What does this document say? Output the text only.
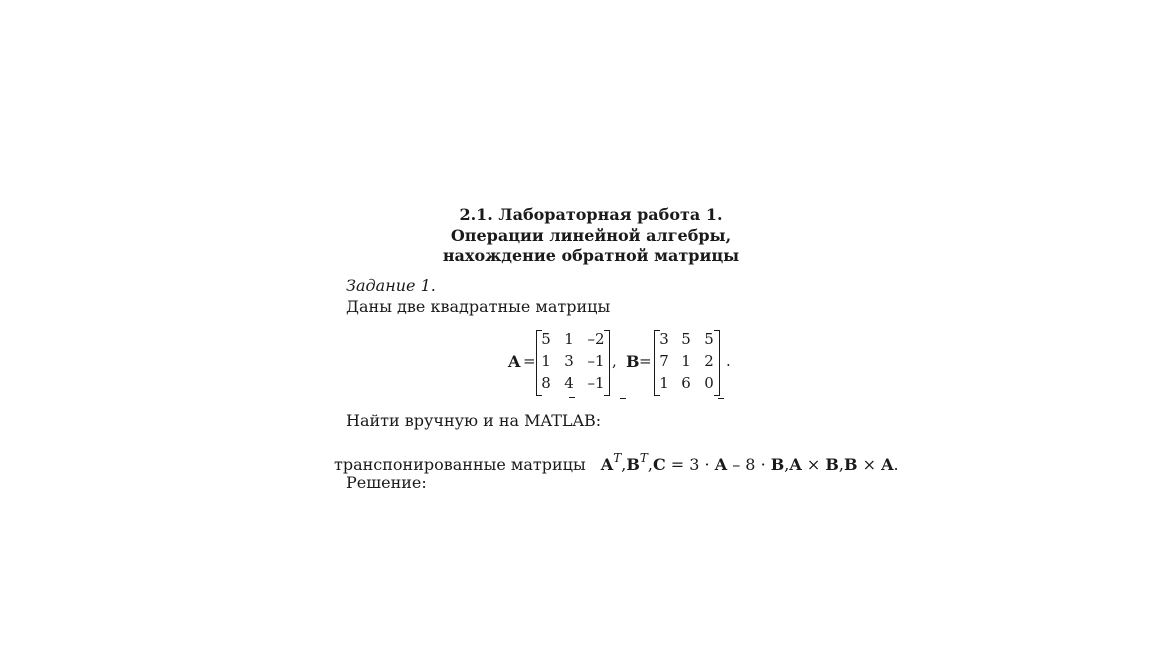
2.1. Лабораторная работа 1.
Операции линейной алгебры,
нахождение обратной матрицы
Задание 1.
Даны две квадратные матрицы
A =
5 1 –2
1 3 –1
8 4 –1
, B =
3 5 5
7 1 2
1 6 0
.
Найти вручную и на MATLAB:
транспонированные матрицы $A^T,B^T,C = 3 \cdot A - 8 \cdot B,A \times B,B \times A$.
Решение:
